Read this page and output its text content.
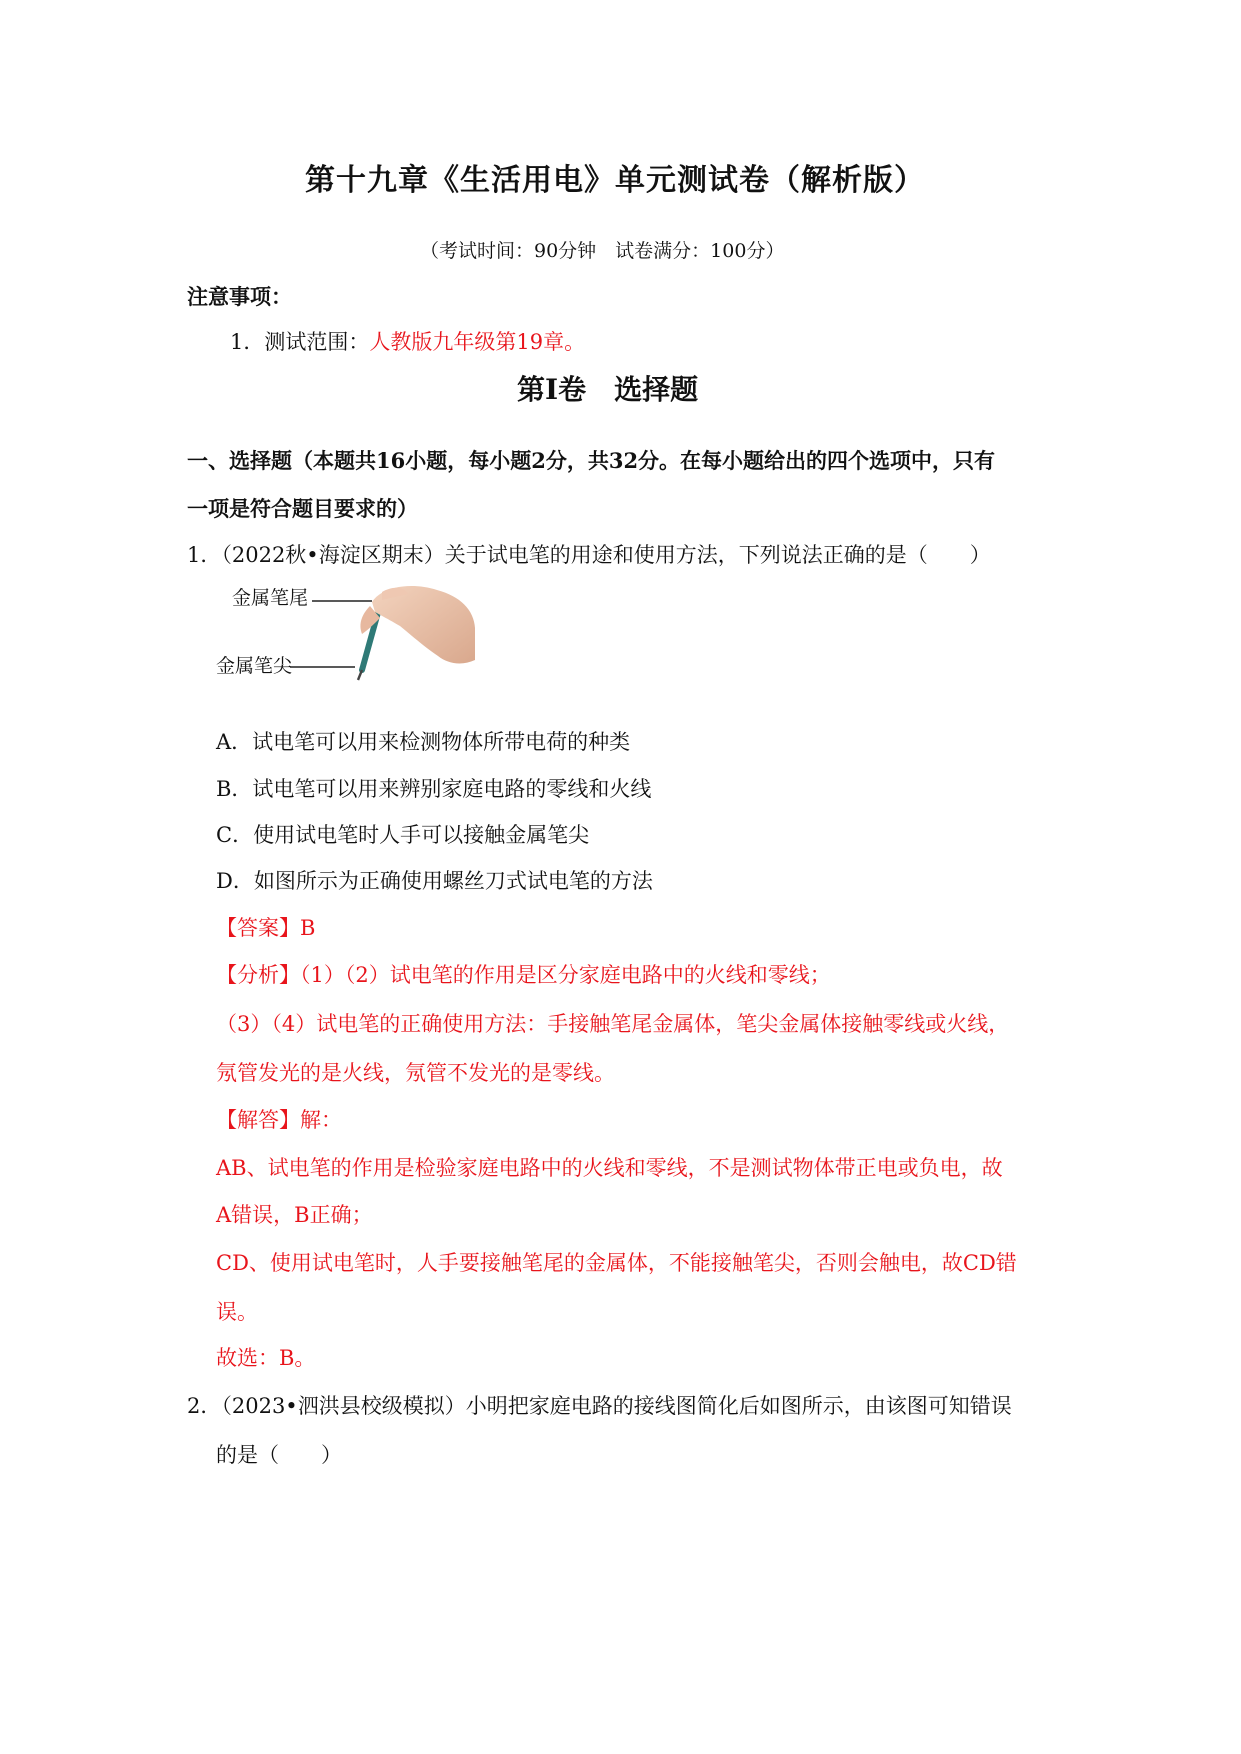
第十九章《生活用电》单元测试卷（解析版）
（考试时间：90分钟　试卷满分：100分）
注意事项：
1．测试范围：人教版九年级第19章。
第Ⅰ卷　选择题
一、选择题（本题共16小题，每小题2分，共32分。在每小题给出的四个选项中，只有
一项是符合题目要求的）
1．（2022秋•海淀区期末）关于试电笔的用途和使用方法，下列说法正确的是（　　）
金属笔尾
金属笔尖
A．试电笔可以用来检测物体所带电荷的种类
B．试电笔可以用来辨别家庭电路的零线和火线
C．使用试电笔时人手可以接触金属笔尖
D．如图所示为正确使用螺丝刀式试电笔的方法
【答案】B
【分析】（1）（2）试电笔的作用是区分家庭电路中的火线和零线；
（3）（4）试电笔的正确使用方法：手接触笔尾金属体，笔尖金属体接触零线或火线，
氖管发光的是火线，氖管不发光的是零线。
【解答】解：
AB、试电笔的作用是检验家庭电路中的火线和零线，不是测试物体带正电或负电，故
A错误，B正确；
CD、使用试电笔时，人手要接触笔尾的金属体，不能接触笔尖，否则会触电，故CD错
误。
故选：B。
2．（2023•泗洪县校级模拟）小明把家庭电路的接线图简化后如图所示，由该图可知错误
的是（　　）
